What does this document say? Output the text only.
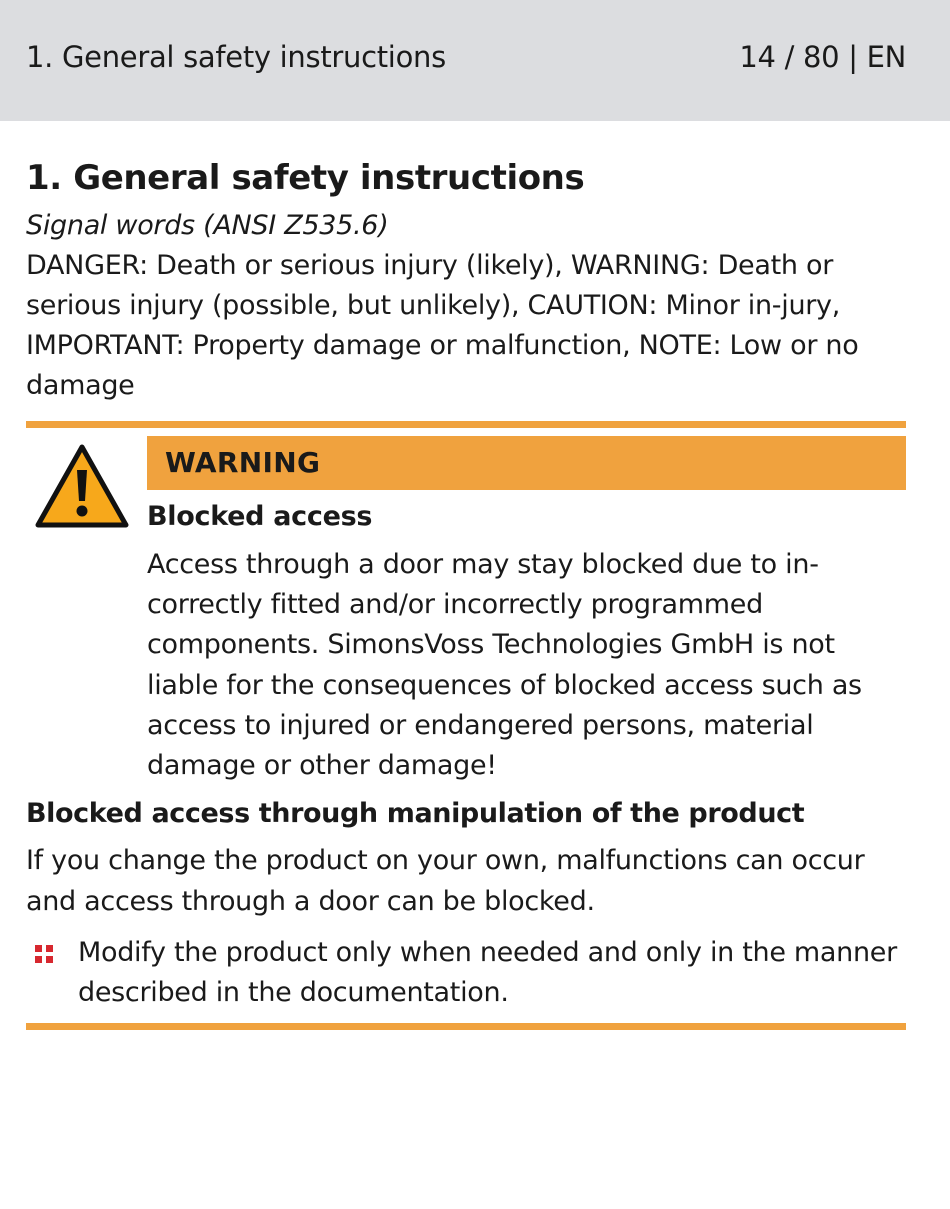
1. General safety instructions	14 / 80 | EN
1. General safety instructions
Signal words (ANSI Z535.6)
DANGER: Death or serious injury (likely), WARNING: Death or serious injury (possible, but unlikely), CAUTION: Minor in-jury, IMPORTANT: Property damage or malfunction, NOTE: Low or no damage
WARNING
Blocked access
Access through a door may stay blocked due to in-correctly fitted and/or incorrectly programmed components. SimonsVoss Technologies GmbH is not liable for the consequences of blocked access such as access to injured or endangered persons, material damage or other damage!
Blocked access through manipulation of the product
If you change the product on your own, malfunctions can occur and access through a door can be blocked.
Modify the product only when needed and only in the manner described in the documentation.
